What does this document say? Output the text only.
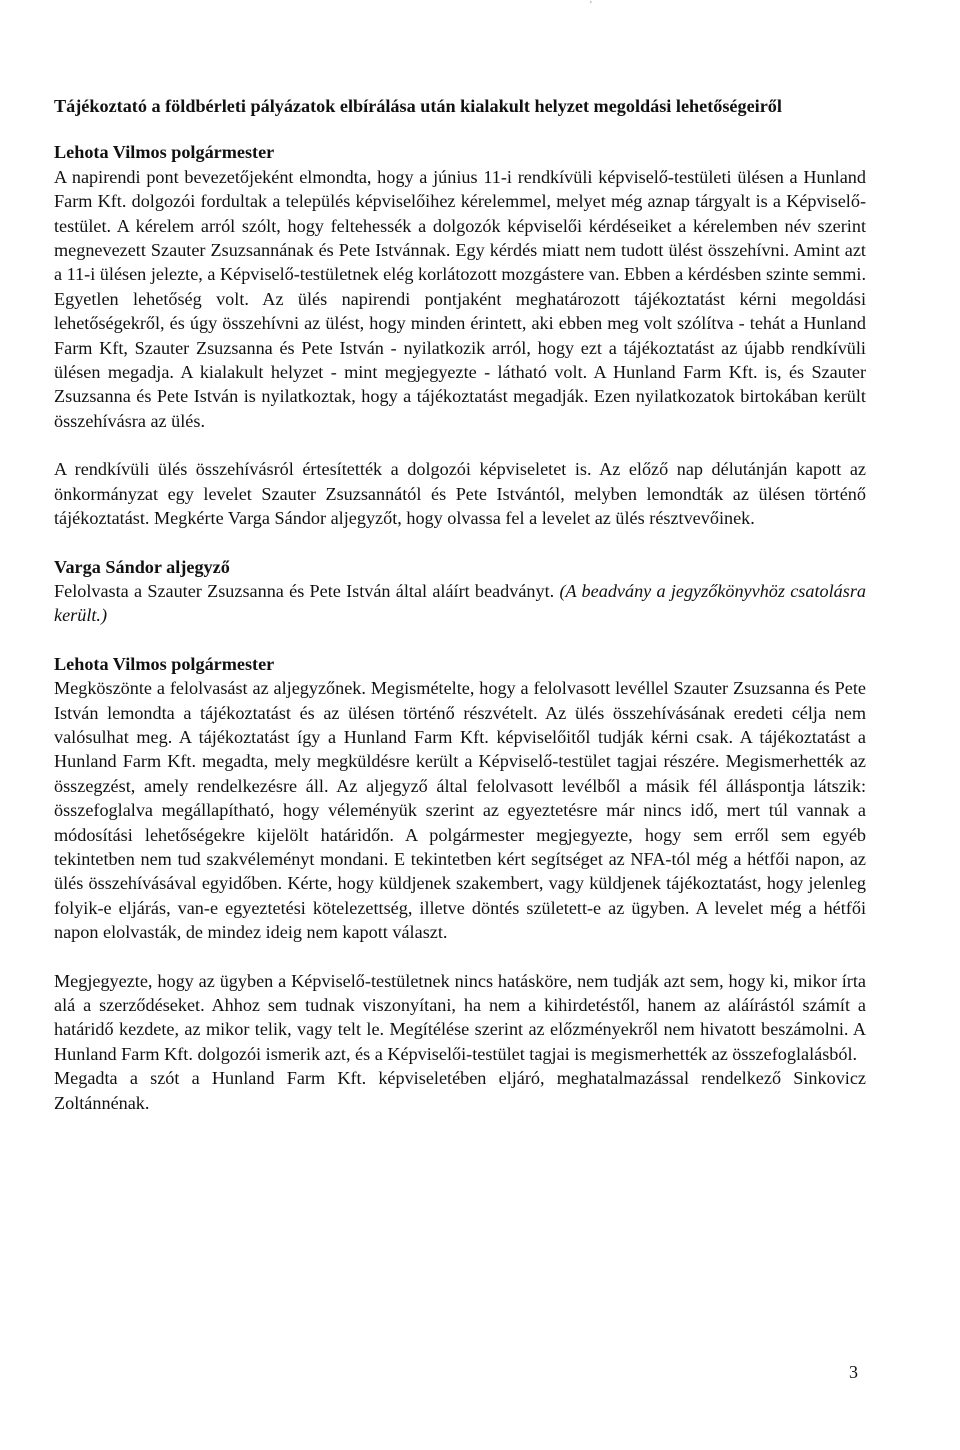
'

Tájékoztató a földbérleti pályázatok elbírálása után kialakult helyzet megoldási lehetőségeiről

Lehota Vilmos polgármester

A napirendi pont bevezetőjeként elmondta, hogy a június 11-i rendkívüli képviselő-testületi ülésen a Hunland Farm Kft. dolgozói fordultak a település képviselőihez kérelemmel, melyet még aznap tárgyalt is a Képviselő-testület. A kérelem arról szólt, hogy feltehessék a dolgozók képviselői kérdéseiket a kérelemben név szerint megnevezett Szauter Zsuzsannának és Pete Istvánnak. Egy kérdés miatt nem tudott ülést összehívni. Amint azt a 11-i ülésen jelezte, a Képviselő-testületnek elég korlátozott mozgástere van. Ebben a kérdésben szinte semmi. Egyetlen lehetőség volt. Az ülés napirendi pontjaként meghatározott tájékoztatást kérni megoldási lehetőségekről, és úgy összehívni az ülést, hogy minden érintett, aki ebben meg volt szólítva - tehát a Hunland Farm Kft, Szauter Zsuzsanna és Pete István - nyilatkozik arról, hogy ezt a tájékoztatást az újabb rendkívüli ülésen megadja. A kialakult helyzet - mint megjegyezte - látható volt. A Hunland Farm Kft. is, és Szauter Zsuzsanna és Pete István is nyilatkoztak, hogy a tájékoztatást megadják. Ezen nyilatkozatok birtokában került összehívásra az ülés.

A rendkívüli ülés összehívásról értesítették a dolgozói képviseletet is. Az előző nap délutánján kapott az önkormányzat egy levelet Szauter Zsuzsannától és Pete Istvántól, melyben lemondták az ülésen történő tájékoztatást. Megkérte Varga Sándor aljegyzőt, hogy olvassa fel a levelet az ülés résztvevőinek.

Varga Sándor aljegyző

Felolvasta a Szauter Zsuzsanna és Pete István által aláírt beadványt. (A beadvány a jegyzőkönyvhöz csatolásra került.)

Lehota Vilmos polgármester

Megköszönte a felolvasást az aljegyzőnek. Megismételte, hogy a felolvasott levéllel Szauter Zsuzsanna és Pete István lemondta a tájékoztatást és az ülésen történő részvételt. Az ülés összehívásának eredeti célja nem valósulhat meg. A tájékoztatást így a Hunland Farm Kft. képviselőitől tudják kérni csak. A tájékoztatást a Hunland Farm Kft. megadta, mely megküldésre került a Képviselő-testület tagjai részére. Megismerhették az összegzést, amely rendelkezésre áll. Az aljegyző által felolvasott levélből a másik fél álláspontja látszik: összefoglalva megállapítható, hogy véleményük szerint az egyeztetésre már nincs idő, mert túl vannak a módosítási lehetőségekre kijelölt határidőn. A polgármester megjegyezte, hogy sem erről sem egyéb tekintetben nem tud szakvéleményt mondani. E tekintetben kért segítséget az NFA-tól még a hétfői napon, az ülés összehívásával egyidőben. Kérte, hogy küldjenek szakembert, vagy küldjenek tájékoztatást, hogy jelenleg folyik-e eljárás, van-e egyeztetési kötelezettség, illetve döntés született-e az ügyben. A levelet még a hétfői napon elolvasták, de mindez ideig nem kapott választ.

Megjegyezte, hogy az ügyben a Képviselő-testületnek nincs hatásköre, nem tudják azt sem, hogy ki, mikor írta alá a szerződéseket. Ahhoz sem tudnak viszonyítani, ha nem a kihirdetéstől, hanem az aláírástól számít a határidő kezdete, az mikor telik, vagy telt le. Megítélése szerint az előzményekről nem hivatott beszámolni. A Hunland Farm Kft. dolgozói ismerik azt, és a Képviselői-testület tagjai is megismerhették az összefoglalásból.

Megadta a szót a Hunland Farm Kft. képviseletében eljáró, meghatalmazással rendelkező Sinkovicz Zoltánnénak.

3
